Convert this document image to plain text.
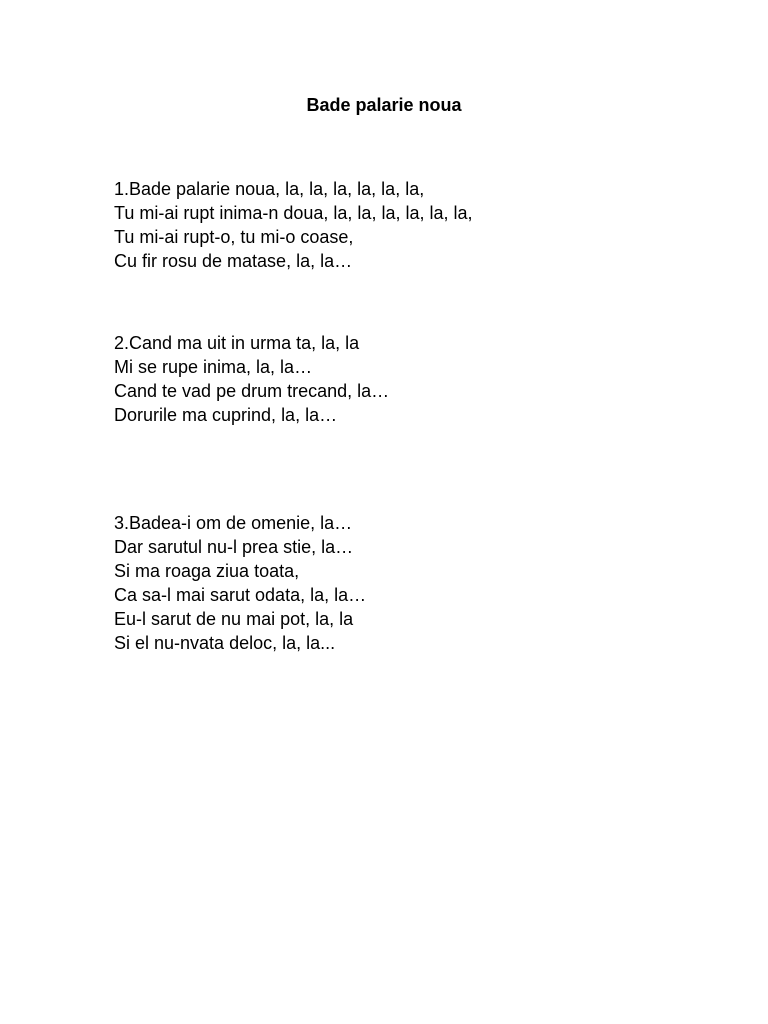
Bade palarie noua
1.Bade palarie noua, la, la, la, la, la, la,
Tu mi-ai rupt inima-n doua, la, la, la, la, la, la,
Tu mi-ai rupt-o, tu mi-o coase,
Cu fir rosu de matase, la, la…
2.Cand ma uit in urma ta, la, la
Mi se rupe inima, la, la…
Cand te vad pe drum trecand, la…
Dorurile ma cuprind, la, la…
3.Badea-i om de omenie, la…
Dar sarutul nu-l prea stie, la…
Si ma roaga ziua toata,
Ca sa-l mai sarut odata, la, la…
Eu-l sarut de nu mai pot, la, la
Si el nu-nvata deloc, la, la...
